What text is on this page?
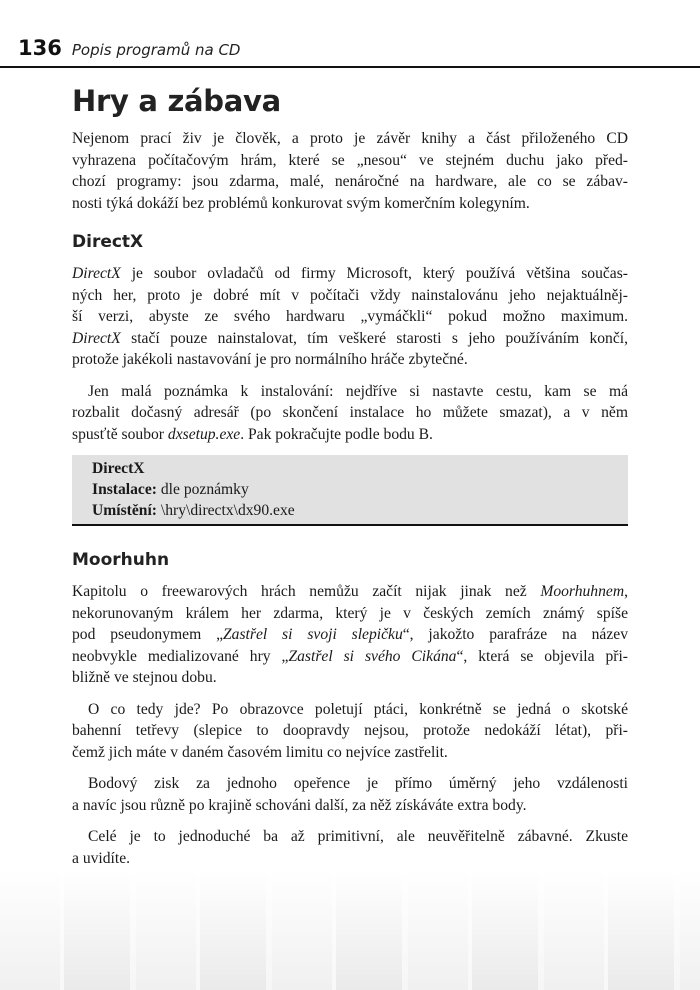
136 Popis programů na CD
Hry a zábava
Nejenom prací živ je člověk, a proto je závěr knihy a část přiloženého CD
vyhrazena počítačovým hrám, které se „nesou“ ve stejném duchu jako před-
chozí programy: jsou zdarma, malé, nenáročné na hardware, ale co se zábav-
nosti týká dokáží bez problémů konkurovat svým komerčním kolegyním.
DirectX
DirectX je soubor ovladačů od firmy Microsoft, který používá většina součas-
ných her, proto je dobré mít v počítači vždy nainstalovánu jeho nejaktuálněj-
ší verzi, abyste ze svého hardwaru „vymáčkli“ pokud možno maximum.
DirectX stačí pouze nainstalovat, tím veškeré starosti s jeho používáním končí,
protože jakékoli nastavování je pro normálního hráče zbytečné.
Jen malá poznámka k instalování: nejdříve si nastavte cestu, kam se má
rozbalit dočasný adresář (po skončení instalace ho můžete smazat), a v něm
spusťtě soubor dxsetup.exe. Pak pokračujte podle bodu B.
DirectX
Instalace: dle poznámky
Umístění: \hry\directx\dx90.exe
Moorhuhn
Kapitolu o freewarových hrách nemůžu začít nijak jinak než Moorhuhnem,
nekorunovaným králem her zdarma, který je v českých zemích známý spíše
pod pseudonymem „Zastřel si svoji slepičku“, jakožto parafráze na název
neobvykle medializované hry „Zastřel si svého Cikána“, která se objevila při-
bližně ve stejnou dobu.
O co tedy jde? Po obrazovce poletují ptáci, konkrétně se jedná o skotské
bahenní tetřevy (slepice to doopravdy nejsou, protože nedokáží létat), při-
čemž jich máte v daném časovém limitu co nejvíce zastřelit.
Bodový zisk za jednoho opeřence je přímo úměrný jeho vzdálenosti
a navíc jsou různě po krajině schováni další, za něž získáváte extra body.
Celé je to jednoduché ba až primitivní, ale neuvěřitelně zábavné. Zkuste
a uvidíte.
